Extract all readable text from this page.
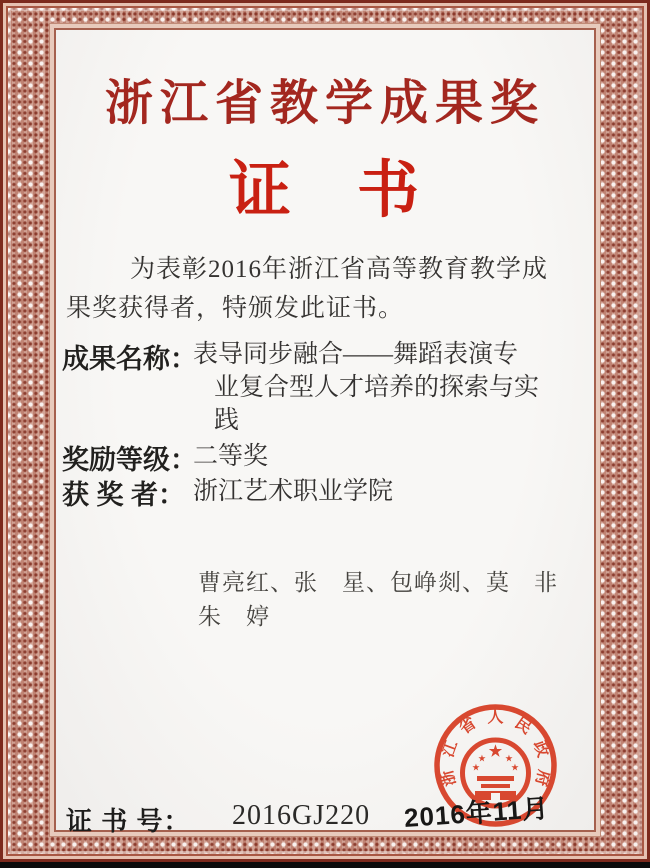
浙江省教学成果奖
证　书
为表彰2016年浙江省高等教育教学成
果奖获得者，特颁发此证书。
成果名称：
表导同步融合——舞蹈表演专
业复合型人才培养的探索与实
践
奖励等级：
二等奖
获 奖 者： 浙江艺术职业学院
曹亮红、张　星、包峥剡、莫　非
朱　婷
浙
江
省 人 民
政
府
★
★ ★
★	★
2016年11月
证 书 号： 2016GJ220
